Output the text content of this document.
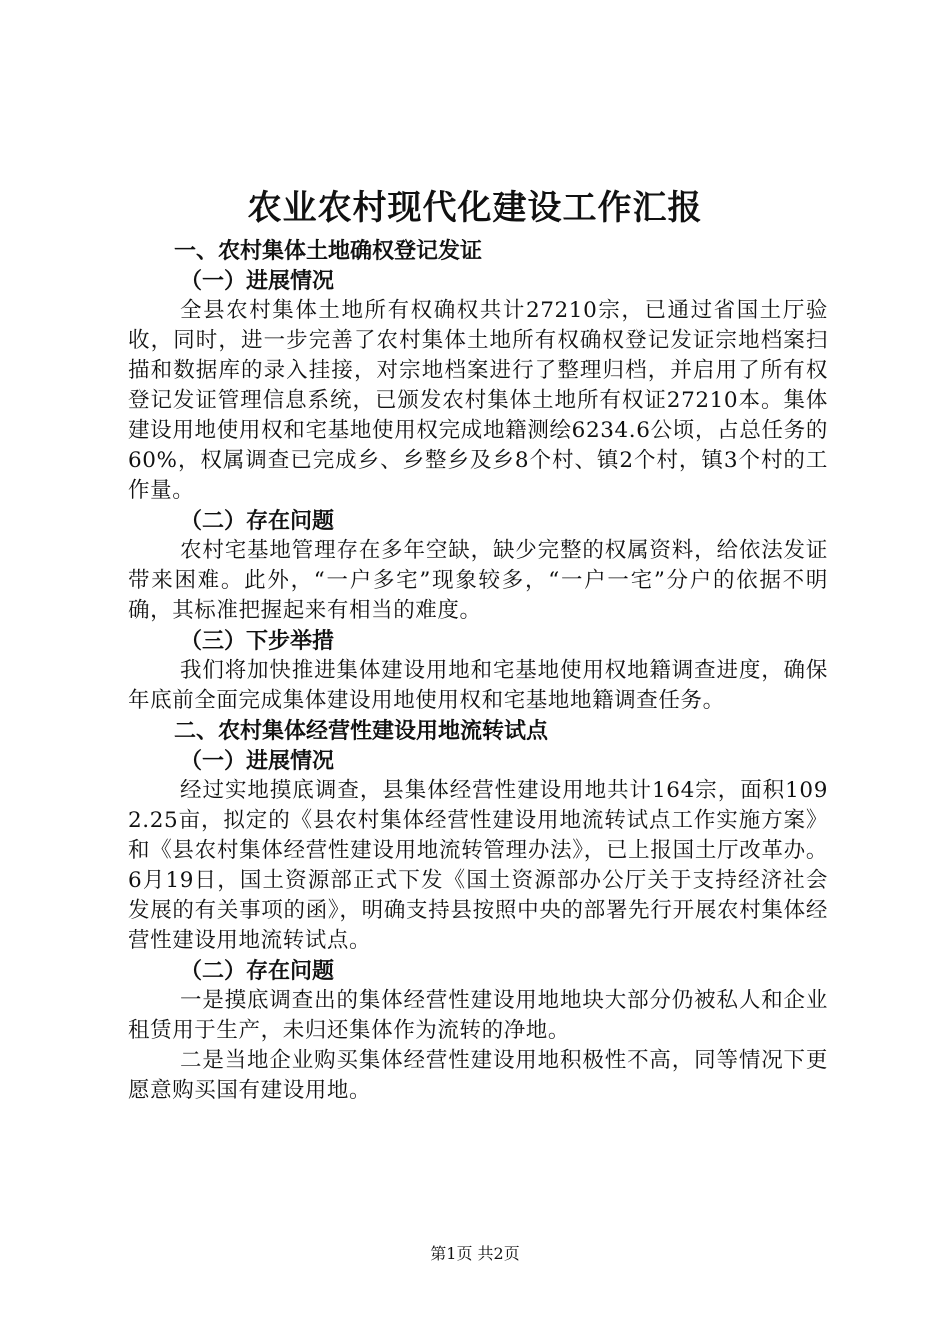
农业农村现代化建设工作汇报

一、农村集体土地确权登记发证

（一）进展情况

全县农村集体土地所有权确权共计27210宗，已通过省国土厅验收，同时，进一步完善了农村集体土地所有权确权登记发证宗地档案扫描和数据库的录入挂接，对宗地档案进行了整理归档，并启用了所有权登记发证管理信息系统，已颁发农村集体土地所有权证27210本。集体建设用地使用权和宅基地使用权完成地籍测绘6234.6公顷，占总任务的60%，权属调查已完成乡、乡整乡及乡8个村、镇2个村，镇3个村的工作量。

（二）存在问题

农村宅基地管理存在多年空缺，缺少完整的权属资料，给依法发证带来困难。此外，“一户多宅”现象较多，“一户一宅”分户的依据不明确，其标准把握起来有相当的难度。

（三）下步举措

我们将加快推进集体建设用地和宅基地使用权地籍调查进度，确保年底前全面完成集体建设用地使用权和宅基地地籍调查任务。

二、农村集体经营性建设用地流转试点

（一）进展情况

经过实地摸底调查，县集体经营性建设用地共计164宗，面积1092.25亩，拟定的《县农村集体经营性建设用地流转试点工作实施方案》和《县农村集体经营性建设用地流转管理办法》，已上报国土厅改革办。6月19日，国土资源部正式下发《国土资源部办公厅关于支持经济社会发展的有关事项的函》，明确支持县按照中央的部署先行开展农村集体经营性建设用地流转试点。

（二）存在问题

一是摸底调查出的集体经营性建设用地地块大部分仍被私人和企业租赁用于生产，未归还集体作为流转的净地。

二是当地企业购买集体经营性建设用地积极性不高，同等情况下更愿意购买国有建设用地。

第1页 共2页
